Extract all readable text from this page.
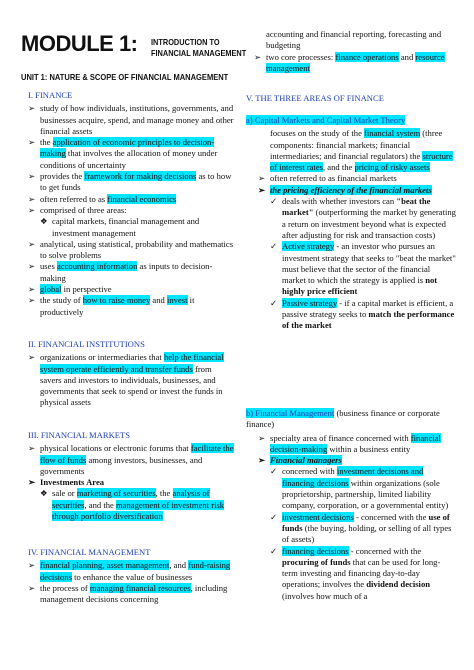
MODULE 1: INTRODUCTION TO
FINANCIAL MANAGEMENT
UNIT 1: NATURE & SCOPE OF FINANCIAL MANAGEMENT
I. FINANCE
➢ study of how individuals, institutions, governments, and businesses acquire, spend, and manage money and other financial assets
➢ the application of economic principles to decision-making that involves the allocation of money under conditions of uncertainty
➢ provides the framework for making decisions as to how to get funds
➢ often referred to as financial economics
➢ comprised of three areas:
❖ capital markets, financial management and investment management
➢ analytical, using statistical, probability and mathematics to solve problems
➢ uses accounting information as inputs to decision-making
➢ global in perspective
➢ the study of how to raise money and invest it productively
II. FINANCIAL INSTITUTIONS
➢ organizations or intermediaries that help the financial system operate efficiently and transfer funds from savers and investors to individuals, businesses, and governments that seek to spend or invest the funds in physical assets
III. FINANCIAL MARKETS
➢ physical locations or electronic forums that facilitate the flow of funds among investors, businesses, and governments
➢ Investments Area
❖ sale or marketing of securities, the analysis of securities, and the management of investment risk through portfolio diversification
IV. FINANCIAL MANAGEMENT
➢ financial planning, asset management, and fund-raising decisions to enhance the value of businesses
➢ the process of managing financial resources, including management decisions concerning
accounting and financial reporting, forecasting and budgeting
➢ two core processes: finance operations and resource management
V. THE THREE AREAS OF FINANCE
a) Capital Markets and Capital Market Theory
focuses on the study of the financial system (three components: financial markets; financial intermediaries; and financial regulators) the structure of interest rates, and the pricing of risky assets
➢ often referred to as financial markets
➢ the pricing efficiency of the financial markets
✓ deals with whether investors can "beat the market" (outperforming the market by generating a return on investment beyond what is expected after adjusting for risk and transaction costs)
✓ Active strategy - an investor who pursues an investment strategy that seeks to "beat the market" must believe that the sector of the financial market to which the strategy is applied is not highly price efficient
✓ Passive strategy - if a capital market is efficient, a passive strategy seeks to match the performance of the market
b) Financial Management (business finance or corporate finance)
➢ specialty area of finance concerned with financial decision-making within a business entity
➢ Financial managers
✓ concerned with investment decisions and financing decisions within organizations (sole proprietorship, partnership, limited liability company, corporation, or a governmental entity)
✓ investment decisions - concerned with the use of funds (the buying, holding, or selling of all types of assets)
✓ financing decisions - concerned with the procuring of funds that can be used for long-term investing and financing day-to-day operations; involves the dividend decision (involves how much of a
